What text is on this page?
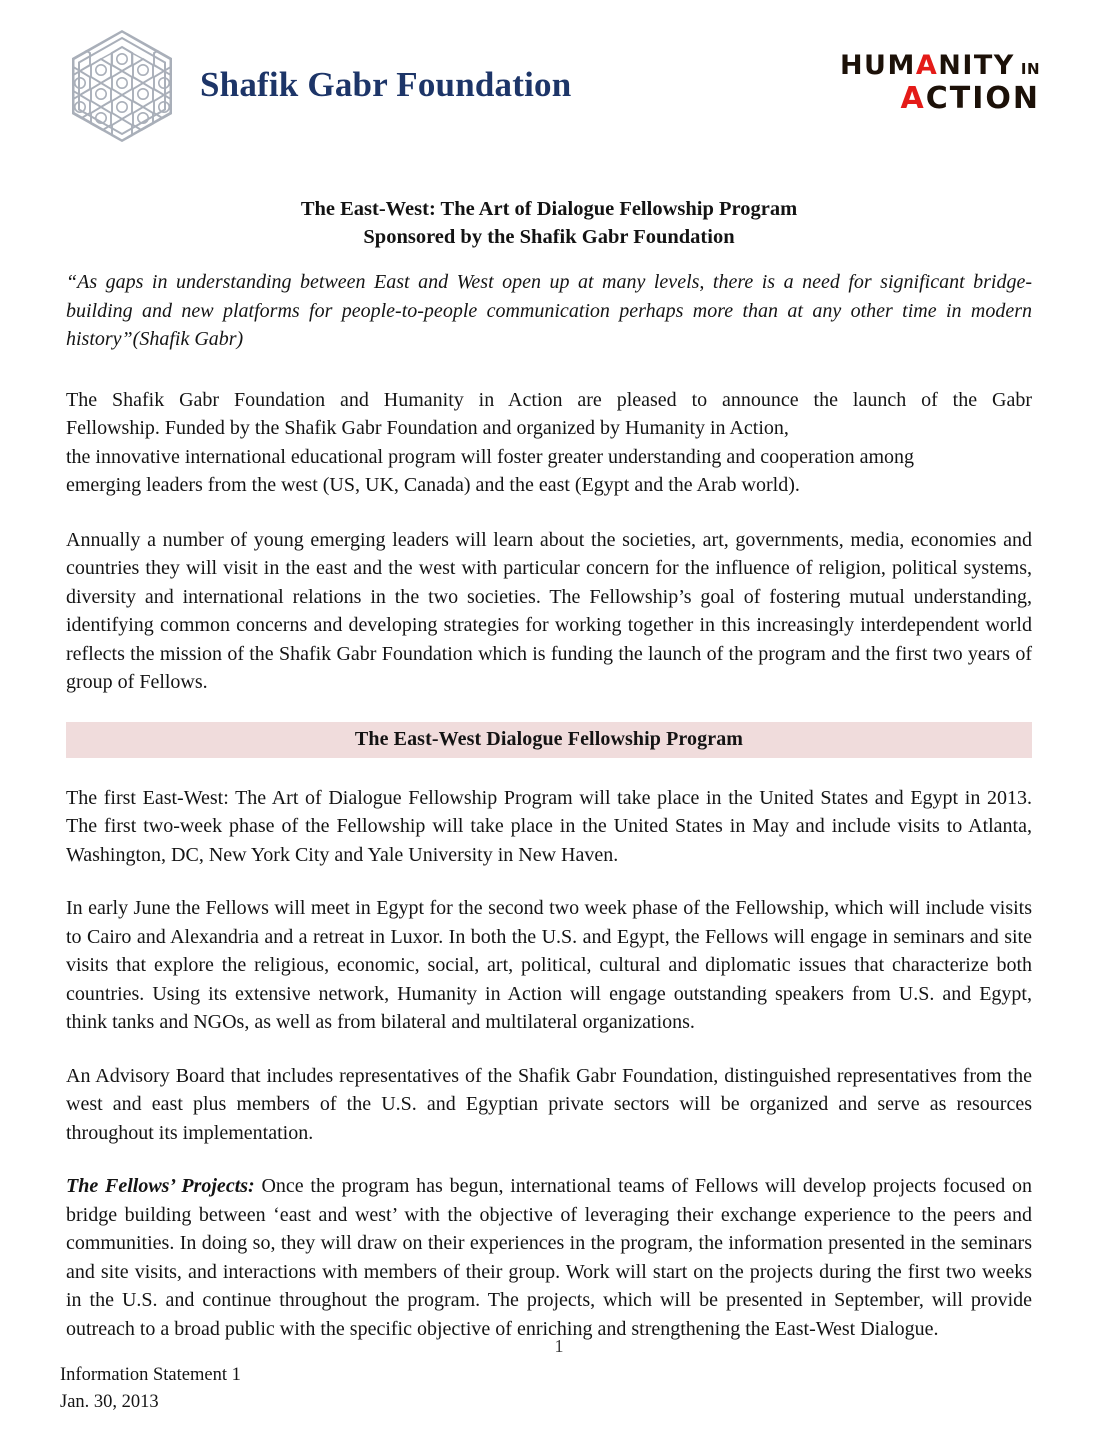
Shafik Gabr Foundation	HUMANITY IN
ACTION
The East-West: The Art of Dialogue Fellowship Program
Sponsored by the Shafik Gabr Foundation

“As gaps in understanding between East and West open up at many levels, there is a need for significant bridge-building and new platforms for people-to-people communication perhaps more than at any other time in modern history”(Shafik Gabr)

The Shafik Gabr Foundation and Humanity in Action are pleased to announce the launch of the Gabr
Fellowship. Funded by the Shafik Gabr Foundation and organized by Humanity in Action,
the innovative international educational program will foster greater understanding and cooperation among
emerging leaders from the west (US, UK, Canada) and the east (Egypt and the Arab world).

Annually a number of young emerging leaders will learn about the societies, art, governments, media, economies and countries they will visit in the east and the west with particular concern for the influence of religion, political systems, diversity and international relations in the two societies. The Fellowship’s goal of fostering mutual understanding, identifying common concerns and developing strategies for working together in this increasingly interdependent world reflects the mission of the Shafik Gabr Foundation which is funding the launch of the program and the first two years of group of Fellows.

The East-West Dialogue Fellowship Program

The first East-West: The Art of Dialogue Fellowship Program will take place in the United States and Egypt in 2013. The first two-week phase of the Fellowship will take place in the United States in May and include visits to Atlanta, Washington, DC, New York City and Yale University in New Haven.

In early June the Fellows will meet in Egypt for the second two week phase of the Fellowship, which will include visits to Cairo and Alexandria and a retreat in Luxor. In both the U.S. and Egypt, the Fellows will engage in seminars and site visits that explore the religious, economic, social, art, political, cultural and diplomatic issues that characterize both countries. Using its extensive network, Humanity in Action will engage outstanding speakers from U.S. and Egypt, think tanks and NGOs, as well as from bilateral and multilateral organizations.

An Advisory Board that includes representatives of the Shafik Gabr Foundation, distinguished representatives from the west and east plus members of the U.S. and Egyptian private sectors will be organized and serve as resources throughout its implementation.

The Fellows’ Projects: Once the program has begun, international teams of Fellows will develop projects focused on bridge building between ‘east and west’ with the objective of leveraging their exchange experience to the peers and communities. In doing so, they will draw on their experiences in the program, the information presented in the seminars and site visits, and interactions with members of their group. Work will start on the projects during the first two weeks in the U.S. and continue throughout the program. The projects, which will be presented in September, will provide outreach to a broad public with the specific objective of enriching and strengthening the East-West Dialogue.

1
Information Statement 1
Jan. 30, 2013
